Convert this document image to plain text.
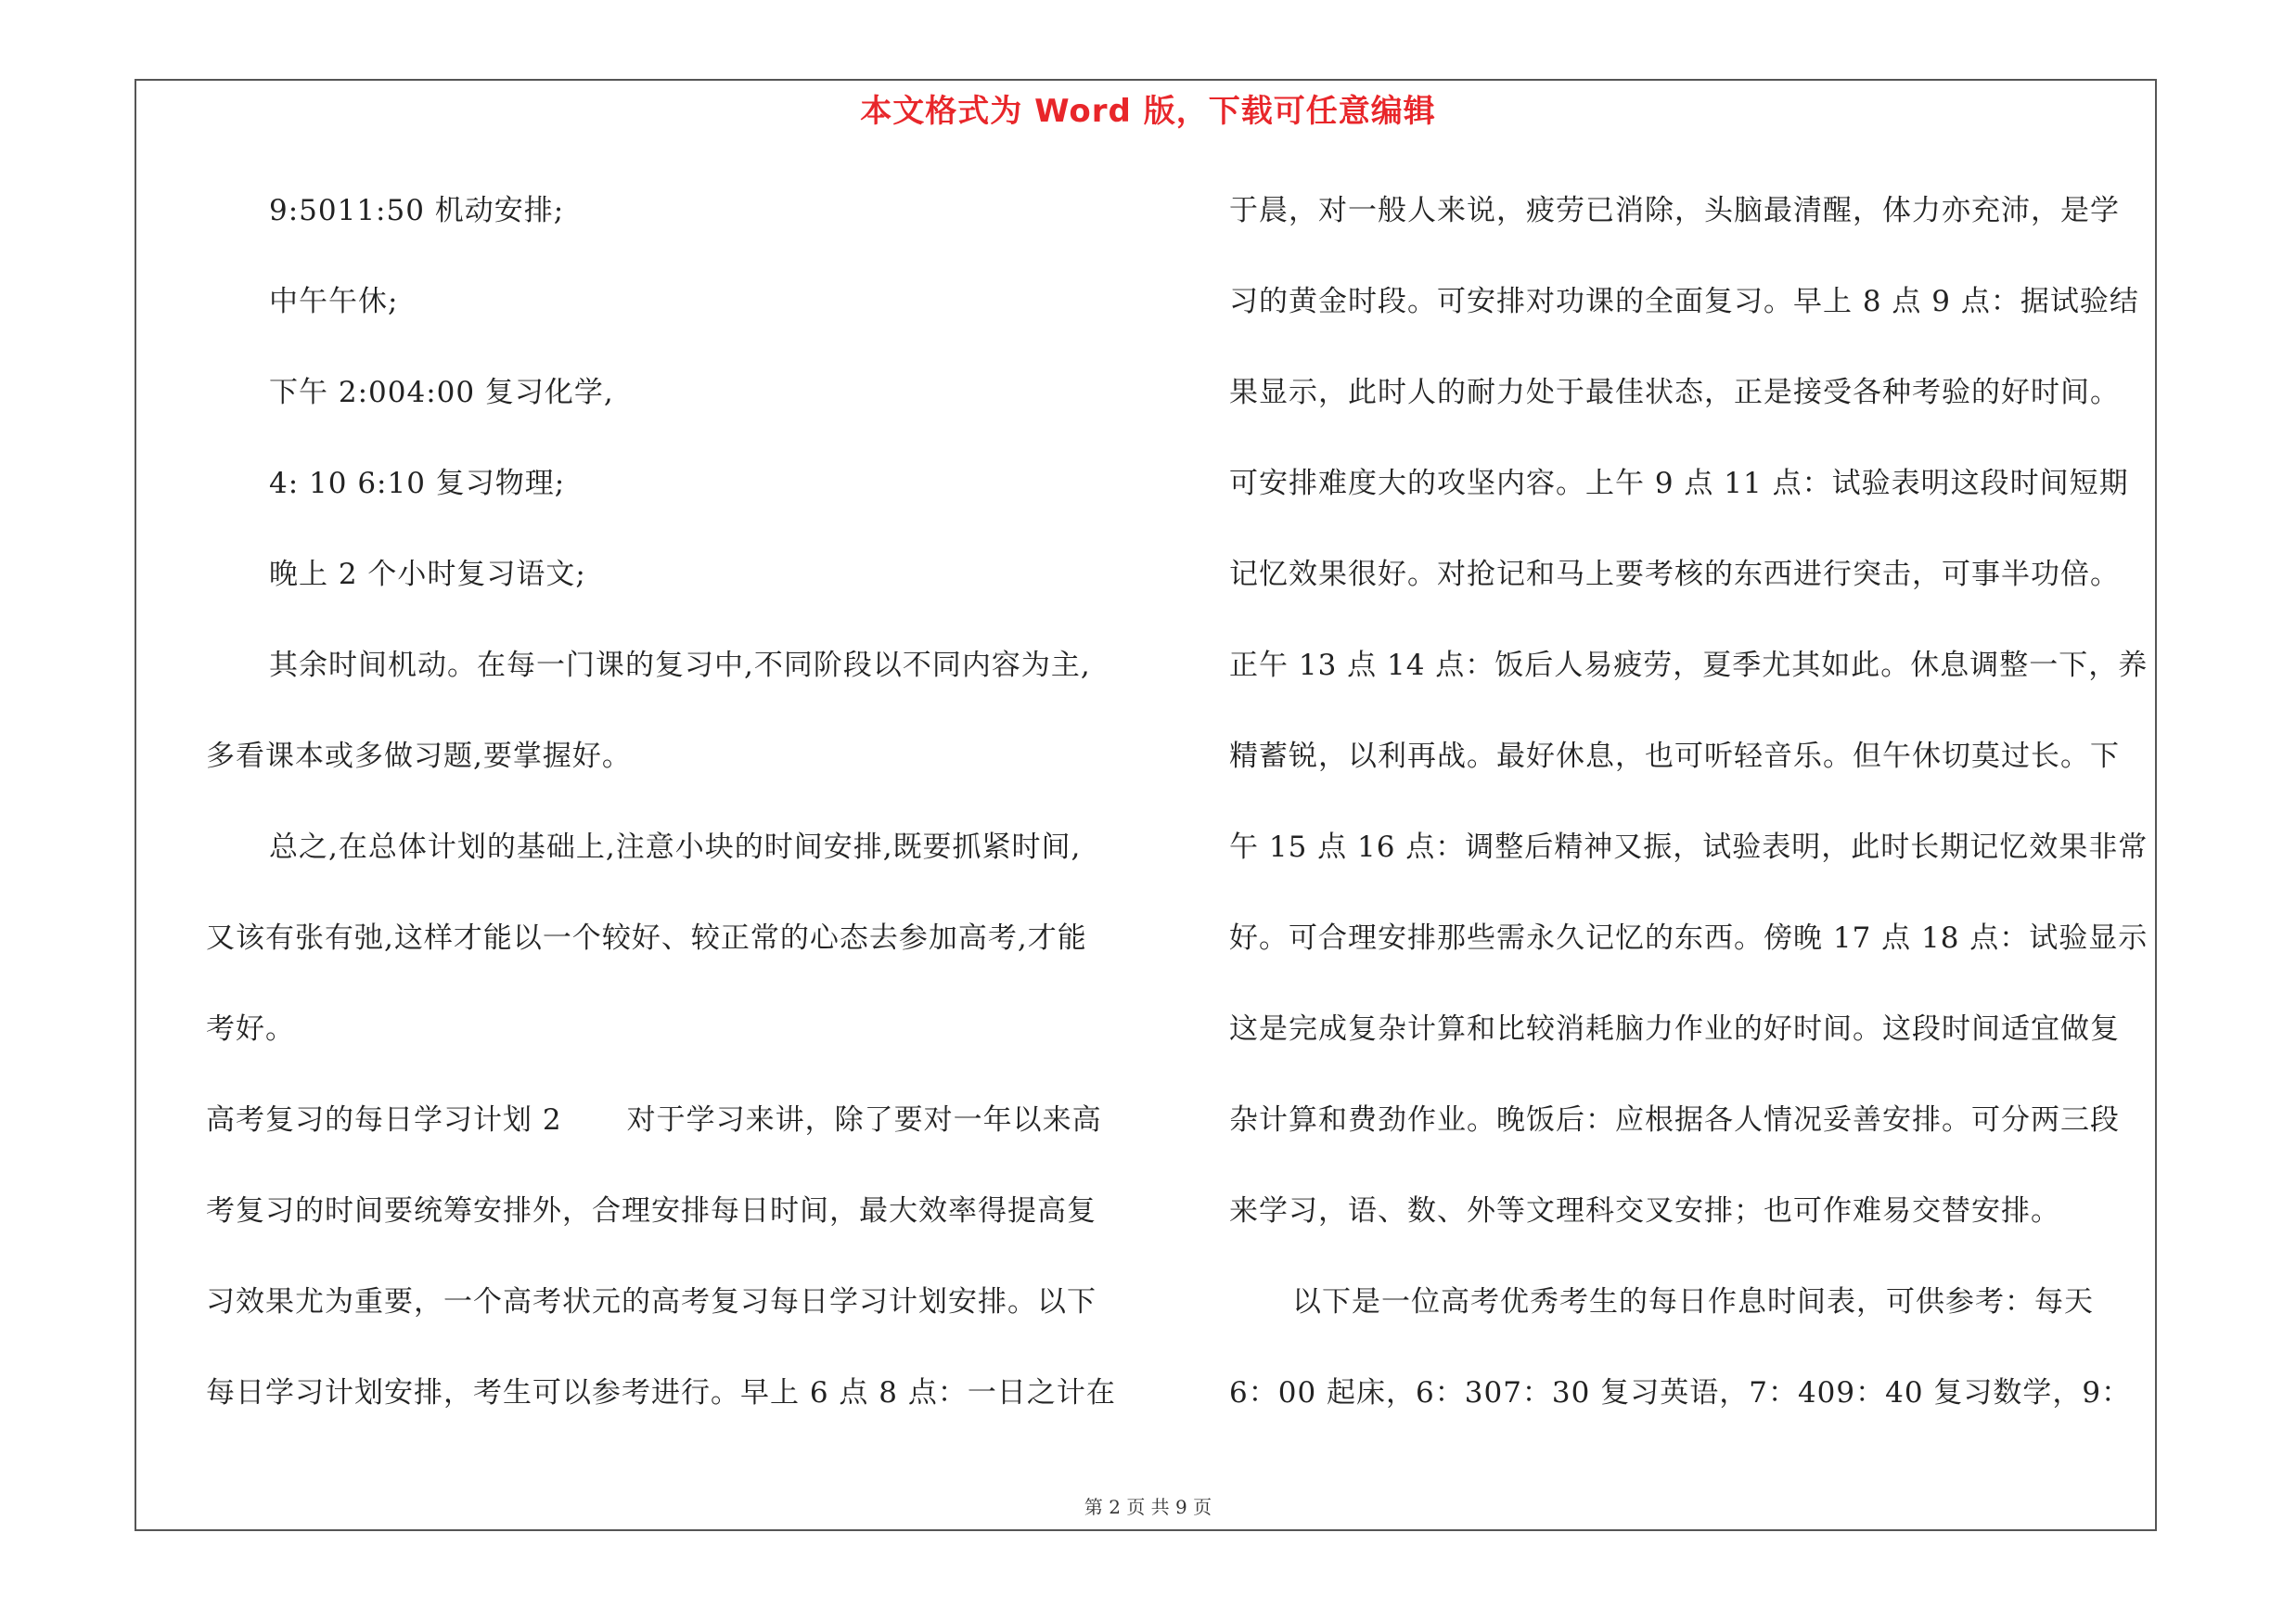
本文格式为 Word 版，下载可任意编辑
9:5011:50 机动安排;
中午午休;
下午 2:004:00 复习化学,
4: 10 6:10 复习物理;
晚上 2 个小时复习语文;
其余时间机动。在每一门课的复习中,不同阶段以不同内容为主,
多看课本或多做习题,要掌握好。
总之,在总体计划的基础上,注意小块的时间安排,既要抓紧时间,
又该有张有弛,这样才能以一个较好、较正常的心态去参加高考,才能
考好。
高考复习的每日学习计划 2 对于学习来讲，除了要对一年以来高
考复习的时间要统筹安排外，合理安排每日时间，最大效率得提高复
习效果尤为重要，一个高考状元的高考复习每日学习计划安排。以下
每日学习计划安排，考生可以参考进行。早上 6 点 8 点：一日之计在
于晨，对一般人来说，疲劳已消除，头脑最清醒，体力亦充沛，是学
习的黄金时段。可安排对功课的全面复习。早上 8 点 9 点：据试验结
果显示，此时人的耐力处于最佳状态，正是接受各种考验的好时间。
可安排难度大的攻坚内容。上午 9 点 11 点：试验表明这段时间短期
记忆效果很好。对抢记和马上要考核的东西进行突击，可事半功倍。
正午 13 点 14 点：饭后人易疲劳，夏季尤其如此。休息调整一下，养
精蓄锐，以利再战。最好休息，也可听轻音乐。但午休切莫过长。下
午 15 点 16 点：调整后精神又振，试验表明，此时长期记忆效果非常
好。可合理安排那些需永久记忆的东西。傍晚 17 点 18 点：试验显示
这是完成复杂计算和比较消耗脑力作业的好时间。这段时间适宜做复
杂计算和费劲作业。晚饭后：应根据各人情况妥善安排。可分两三段
来学习，语、数、外等文理科交叉安排；也可作难易交替安排。
以下是一位高考优秀考生的每日作息时间表，可供参考：每天
6：00 起床，6：307：30 复习英语，7：409：40 复习数学，9：
第 2 页 共 9 页
